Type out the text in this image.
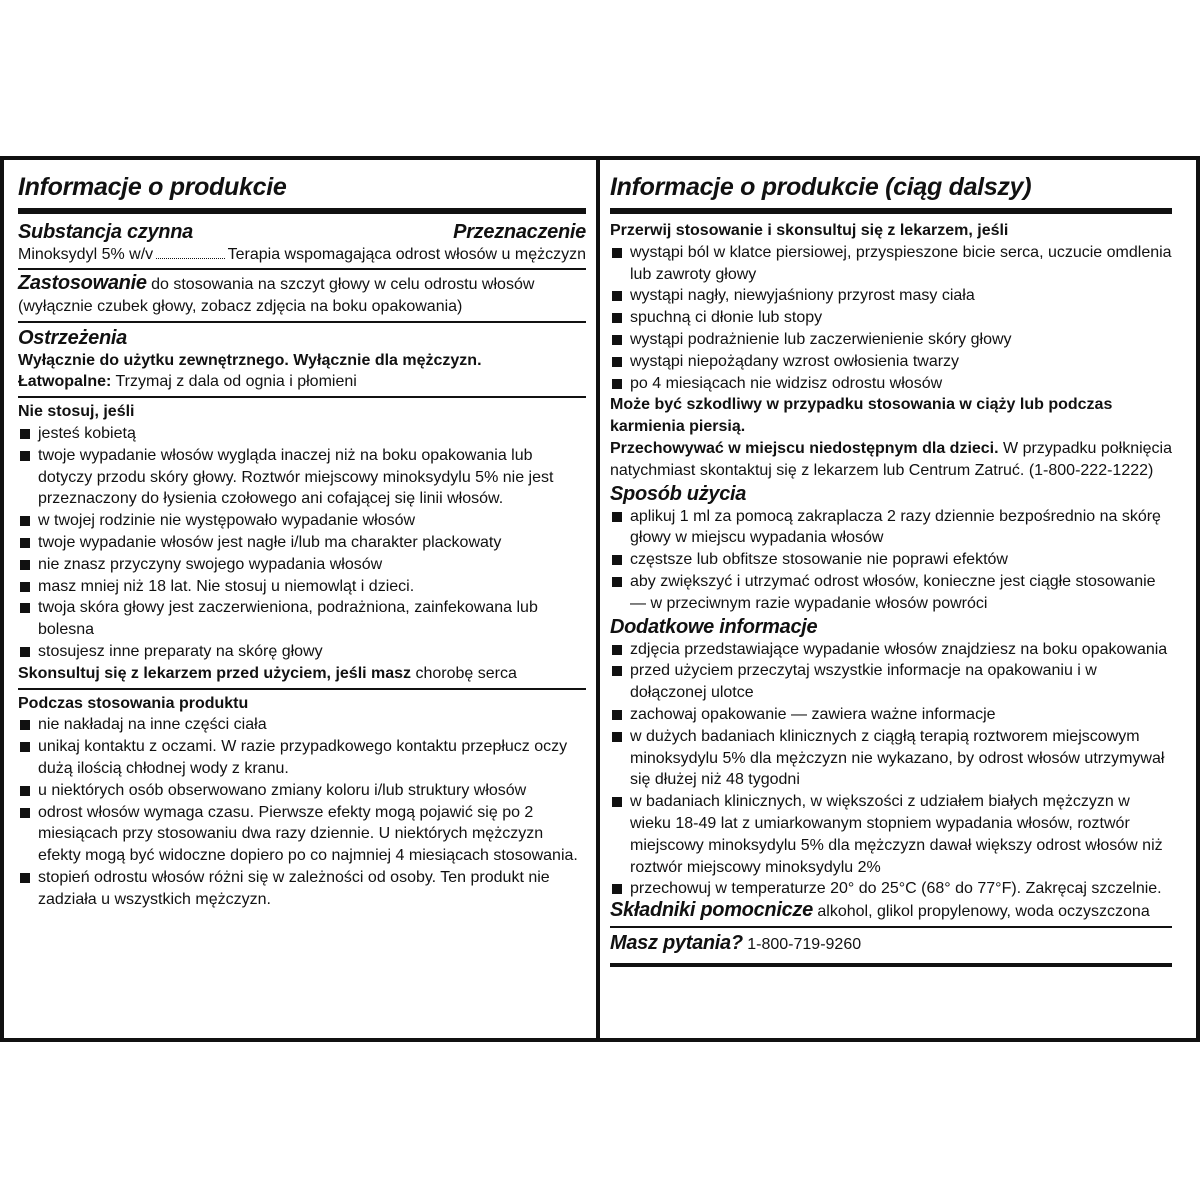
Informacje o produkcie
Substancja czynna	Przeznaczenie
Minoksydyl 5% w/v	Terapia wspomagająca odrost włosów u mężczyzn
Zastosowanie do stosowania na szczyt głowy w celu odrostu włosów (wyłącznie czubek głowy, zobacz zdjęcia na boku opakowania)
Ostrzeżenia
Wyłącznie do użytku zewnętrznego. Wyłącznie dla mężczyzn.
Łatwopalne: Trzymaj z dala od ognia i płomieni
Nie stosuj, jeśli
jesteś kobietą
twoje wypadanie włosów wygląda inaczej niż na boku opakowania lub dotyczy przodu skóry głowy. Roztwór miejscowy minoksydylu 5% nie jest przeznaczony do łysienia czołowego ani cofającej się linii włosów.
w twojej rodzinie nie występowało wypadanie włosów
twoje wypadanie włosów jest nagłe i/lub ma charakter plackowaty
nie znasz przyczyny swojego wypadania włosów
masz mniej niż 18 lat. Nie stosuj u niemowląt i dzieci.
twoja skóra głowy jest zaczerwieniona, podrażniona, zainfekowana lub bolesna
stosujesz inne preparaty na skórę głowy
Skonsultuj się z lekarzem przed użyciem, jeśli masz chorobę serca
Podczas stosowania produktu
nie nakładaj na inne części ciała
unikaj kontaktu z oczami. W razie przypadkowego kontaktu przepłucz oczy dużą ilością chłodnej wody z kranu.
u niektórych osób obserwowano zmiany koloru i/lub struktury włosów
odrost włosów wymaga czasu. Pierwsze efekty mogą pojawić się po 2 miesiącach przy stosowaniu dwa razy dziennie. U niektórych mężczyzn efekty mogą być widoczne dopiero po co najmniej 4 miesiącach stosowania.
stopień odrostu włosów różni się w zależności od osoby. Ten produkt nie zadziała u wszystkich mężczyzn.
Informacje o produkcie (ciąg dalszy)
Przerwij stosowanie i skonsultuj się z lekarzem, jeśli
wystąpi ból w klatce piersiowej, przyspieszone bicie serca, uczucie omdlenia lub zawroty głowy
wystąpi nagły, niewyjaśniony przyrost masy ciała
spuchną ci dłonie lub stopy
wystąpi podrażnienie lub zaczerwienienie skóry głowy
wystąpi niepożądany wzrost owłosienia twarzy
po 4 miesiącach nie widzisz odrostu włosów
Może być szkodliwy w przypadku stosowania w ciąży lub podczas karmienia piersią.
Przechowywać w miejscu niedostępnym dla dzieci. W przypadku połknięcia natychmiast skontaktuj się z lekarzem lub Centrum Zatruć. (1-800-222-1222)
Sposób użycia
aplikuj 1 ml za pomocą zakraplacza 2 razy dziennie bezpośrednio na skórę głowy w miejscu wypadania włosów
częstsze lub obfitsze stosowanie nie poprawi efektów
aby zwiększyć i utrzymać odrost włosów, konieczne jest ciągłe stosowanie — w przeciwnym razie wypadanie włosów powróci
Dodatkowe informacje
zdjęcia przedstawiające wypadanie włosów znajdziesz na boku opakowania
przed użyciem przeczytaj wszystkie informacje na opakowaniu i w dołączonej ulotce
zachowaj opakowanie — zawiera ważne informacje
w dużych badaniach klinicznych z ciągłą terapią roztworem miejscowym minoksydylu 5% dla mężczyzn nie wykazano, by odrost włosów utrzymywał się dłużej niż 48 tygodni
w badaniach klinicznych, w większości z udziałem białych mężczyzn w wieku 18-49 lat z umiarkowanym stopniem wypadania włosów, roztwór miejscowy minoksydylu 5% dla mężczyzn dawał większy odrost włosów niż roztwór miejscowy minoksydylu 2%
przechowuj w temperaturze 20° do 25°C (68° do 77°F). Zakręcaj szczelnie.
Składniki pomocnicze alkohol, glikol propylenowy, woda oczyszczona
Masz pytania? 1-800-719-9260
